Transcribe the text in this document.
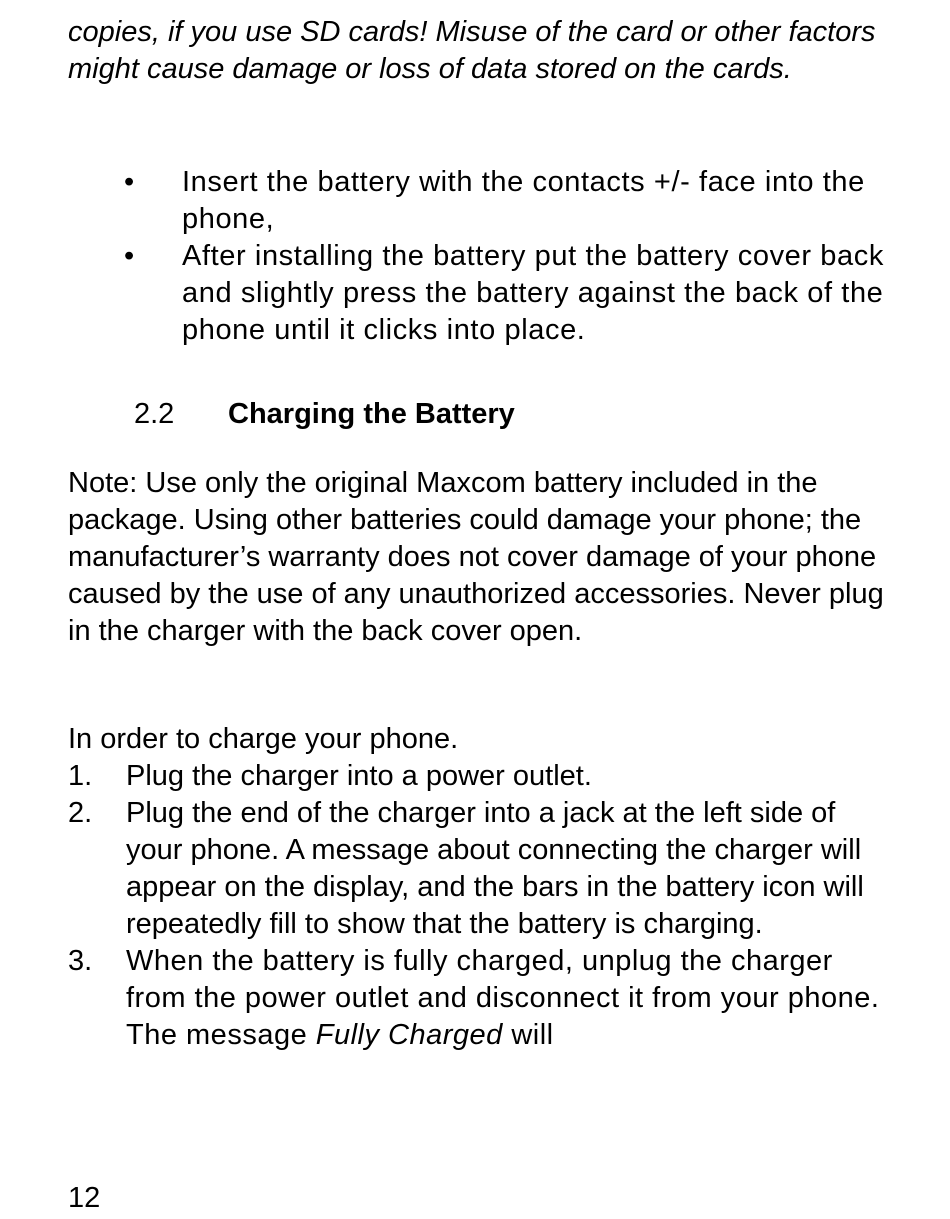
copies, if you use SD cards! Misuse of the card or other factors might cause damage or loss of data stored on the cards.
• Insert the battery with the contacts +/- face into the phone,
• After installing the battery put the battery cover back and slightly press the battery against the back of the phone until it clicks into place.
2.2 Charging the Battery
Note: Use only the original Maxcom battery included in the package. Using other batteries could damage your phone; the manufacturer’s warranty does not cover damage of your phone caused by the use of any unauthorized accessories. Never plug in the charger with the back cover open.
In order to charge your phone.
1. Plug the charger into a power outlet.
2. Plug the end of the charger into a jack at the left side of your phone. A message about connecting the charger will appear on the display, and the bars in the battery icon will repeatedly fill to show that the battery is charging.
3. When the battery is fully charged, unplug the charger from the power outlet and disconnect it from your phone. The message Fully Charged will
12
